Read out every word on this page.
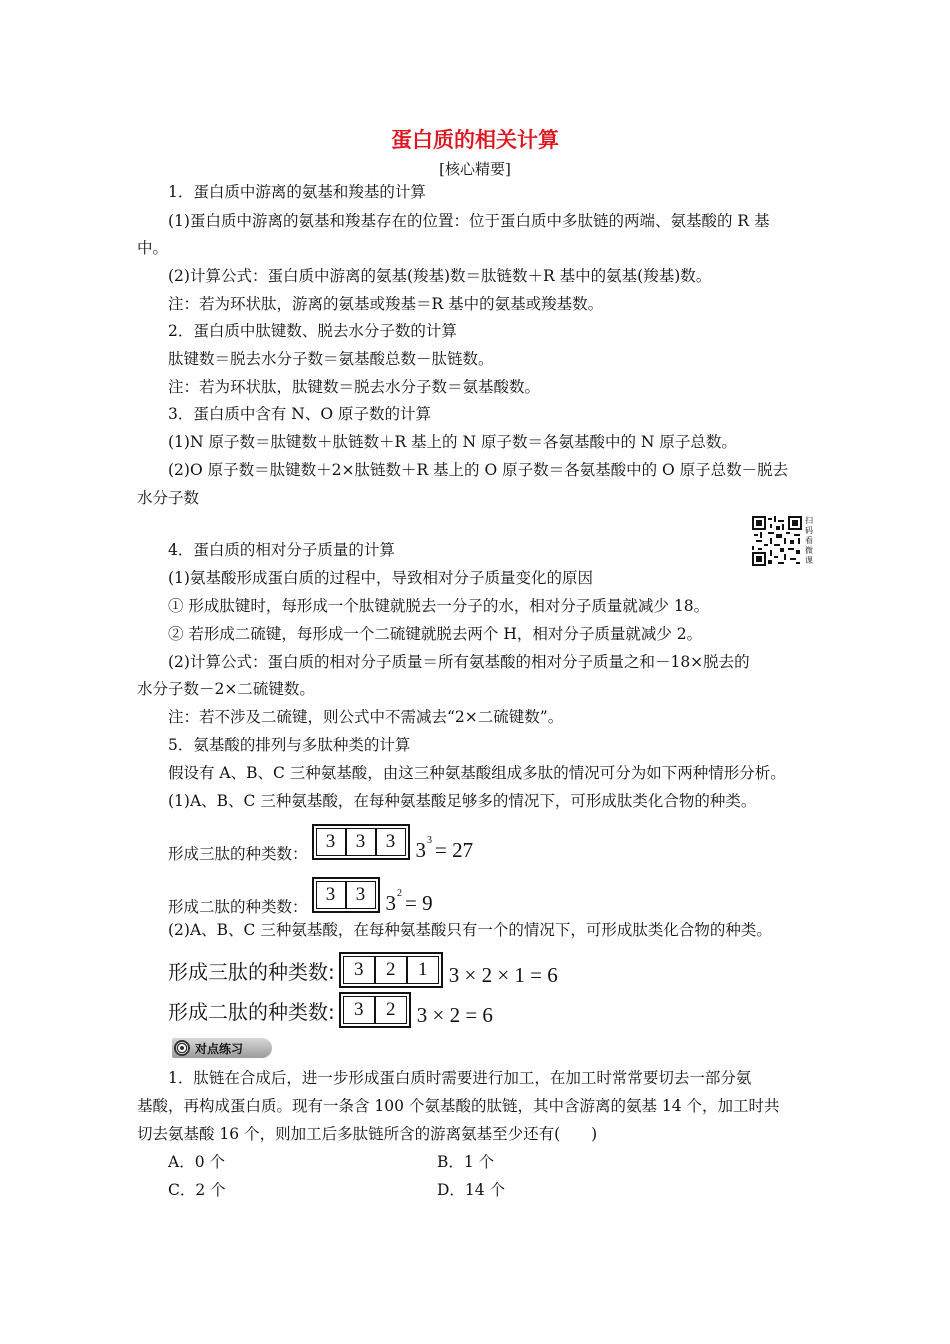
蛋白质的相关计算
[核心精要]
1．蛋白质中游离的氨基和羧基的计算
(1)蛋白质中游离的氨基和羧基存在的位置：位于蛋白质中多肽链的两端、氨基酸的 R 基
中。
(2)计算公式：蛋白质中游离的氨基(羧基)数＝肽链数＋R 基中的氨基(羧基)数。
注：若为环状肽，游离的氨基或羧基＝R 基中的氨基或羧基数。
2．蛋白质中肽键数、脱去水分子数的计算
肽键数＝脱去水分子数＝氨基酸总数－肽链数。
注：若为环状肽，肽键数＝脱去水分子数＝氨基酸数。
3．蛋白质中含有 N、O 原子数的计算
(1)N 原子数＝肽键数＋肽链数＋R 基上的 N 原子数＝各氨基酸中的 N 原子总数。
(2)O 原子数＝肽键数＋2×肽链数＋R 基上的 O 原子数＝各氨基酸中的 O 原子总数－脱去
水分子数
扫码看微课
4．蛋白质的相对分子质量的计算
(1)氨基酸形成蛋白质的过程中，导致相对分子质量变化的原因
① 形成肽键时，每形成一个肽键就脱去一分子的水，相对分子质量就减少 18。
② 若形成二硫键，每形成一个二硫键就脱去两个 H，相对分子质量就减少 2。
(2)计算公式：蛋白质的相对分子质量＝所有氨基酸的相对分子质量之和－18×脱去的
水分子数－2×二硫键数。
注：若不涉及二硫键，则公式中不需减去“2×二硫键数”。
5．氨基酸的排列与多肽种类的计算
假设有 A、B、C 三种氨基酸，由这三种氨基酸组成多肽的情况可分为如下两种情形分析。
(1)A、B、C 三种氨基酸，在每种氨基酸足够多的情况下，可形成肽类化合物的种类。
形成三肽的种类数：
3	3	3 $3^3 = 27$
形成二肽的种类数：
3	3 $3^2 = 9$
(2)A、B、C 三种氨基酸，在每种氨基酸只有一个的情况下，可形成肽类化合物的种类。
形成三肽的种类数:	3	2	1	3 × 2 × 1 = 6
形成二肽的种类数:	3	2	3 × 2 = 6
对点练习
1．肽链在合成后，进一步形成蛋白质时需要进行加工，在加工时常常要切去一部分氨
基酸，再构成蛋白质。现有一条含 100 个氨基酸的肽链，其中含游离的氨基 14 个，加工时共
切去氨基酸 16 个，则加工后多肽链所含的游离氨基至少还有(　　)
A．0 个	B．1 个
C．2 个	D．14 个
